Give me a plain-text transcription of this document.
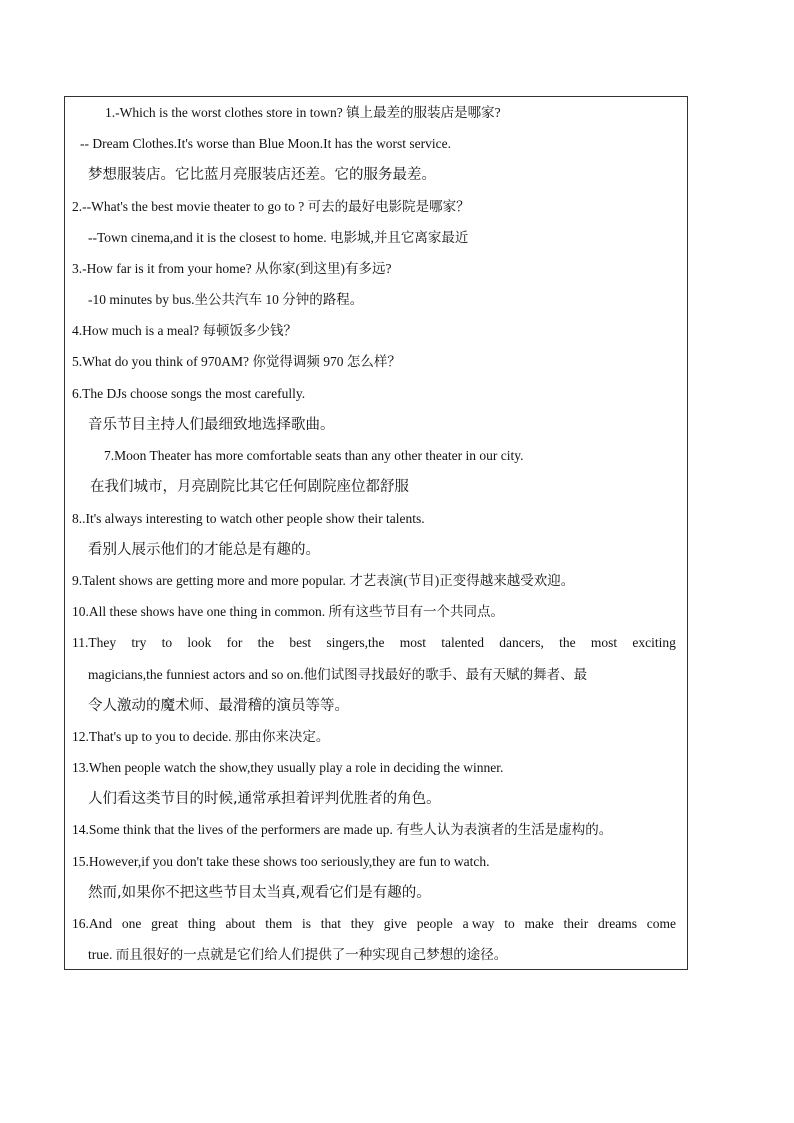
1.-Which is the worst clothes store in town? 镇上最差的服装店是哪家?
-- Dream Clothes.It's worse than Blue Moon.It has the worst service.
梦想服装店。它比蓝月亮服装店还差。它的服务最差。
2.--What's the best movie theater to go to ? 可去的最好电影院是哪家？
--Town cinema,and it is the closest to home. 电影城,并且它离家最近
3.-How far is it from your home? 从你家(到这里)有多远?
-10 minutes by bus.坐公共汽车 10 分钟的路程。
4.How much is a meal? 每顿饭多少钱？
5.What do you think of 970AM? 你觉得调频 970 怎么样？
6.The DJs choose songs the most carefully.
音乐节目主持人们最细致地选择歌曲。
7.Moon Theater has more comfortable seats than any other theater in our city.
在我们城市，月亮剧院比其它任何剧院座位都舒服
8..It's always interesting to watch other people show their talents.
看别人展示他们的才能总是有趣的。
9.Talent shows are getting more and more popular. 才艺表演(节目)正变得越来越受欢迎。
10.All these shows have one thing in common. 所有这些节目有一个共同点。
11.They try to look for the best singers,the most talented dancers, the most exciting
magicians,the funniest actors and so on.他们试图寻找最好的歌手、最有天赋的舞者、最
令人激动的魔术师、最滑稽的演员等等。
12.That's up to you to decide. 那由你来决定。
13.When people watch the show,they usually play a role in deciding the winner.
人们看这类节目的时候,通常承担着评判优胜者的角色。
14.Some think that the lives of the performers are made up. 有些人认为表演者的生活是虚构的。
15.However,if you don't take these shows too seriously,they are fun to watch.
然而,如果你不把这些节目太当真,观看它们是有趣的。
16.And one great thing about them is that they give people a way to make their dreams come
true. 而且很好的一点就是它们给人们提供了一种实现自己梦想的途径。
